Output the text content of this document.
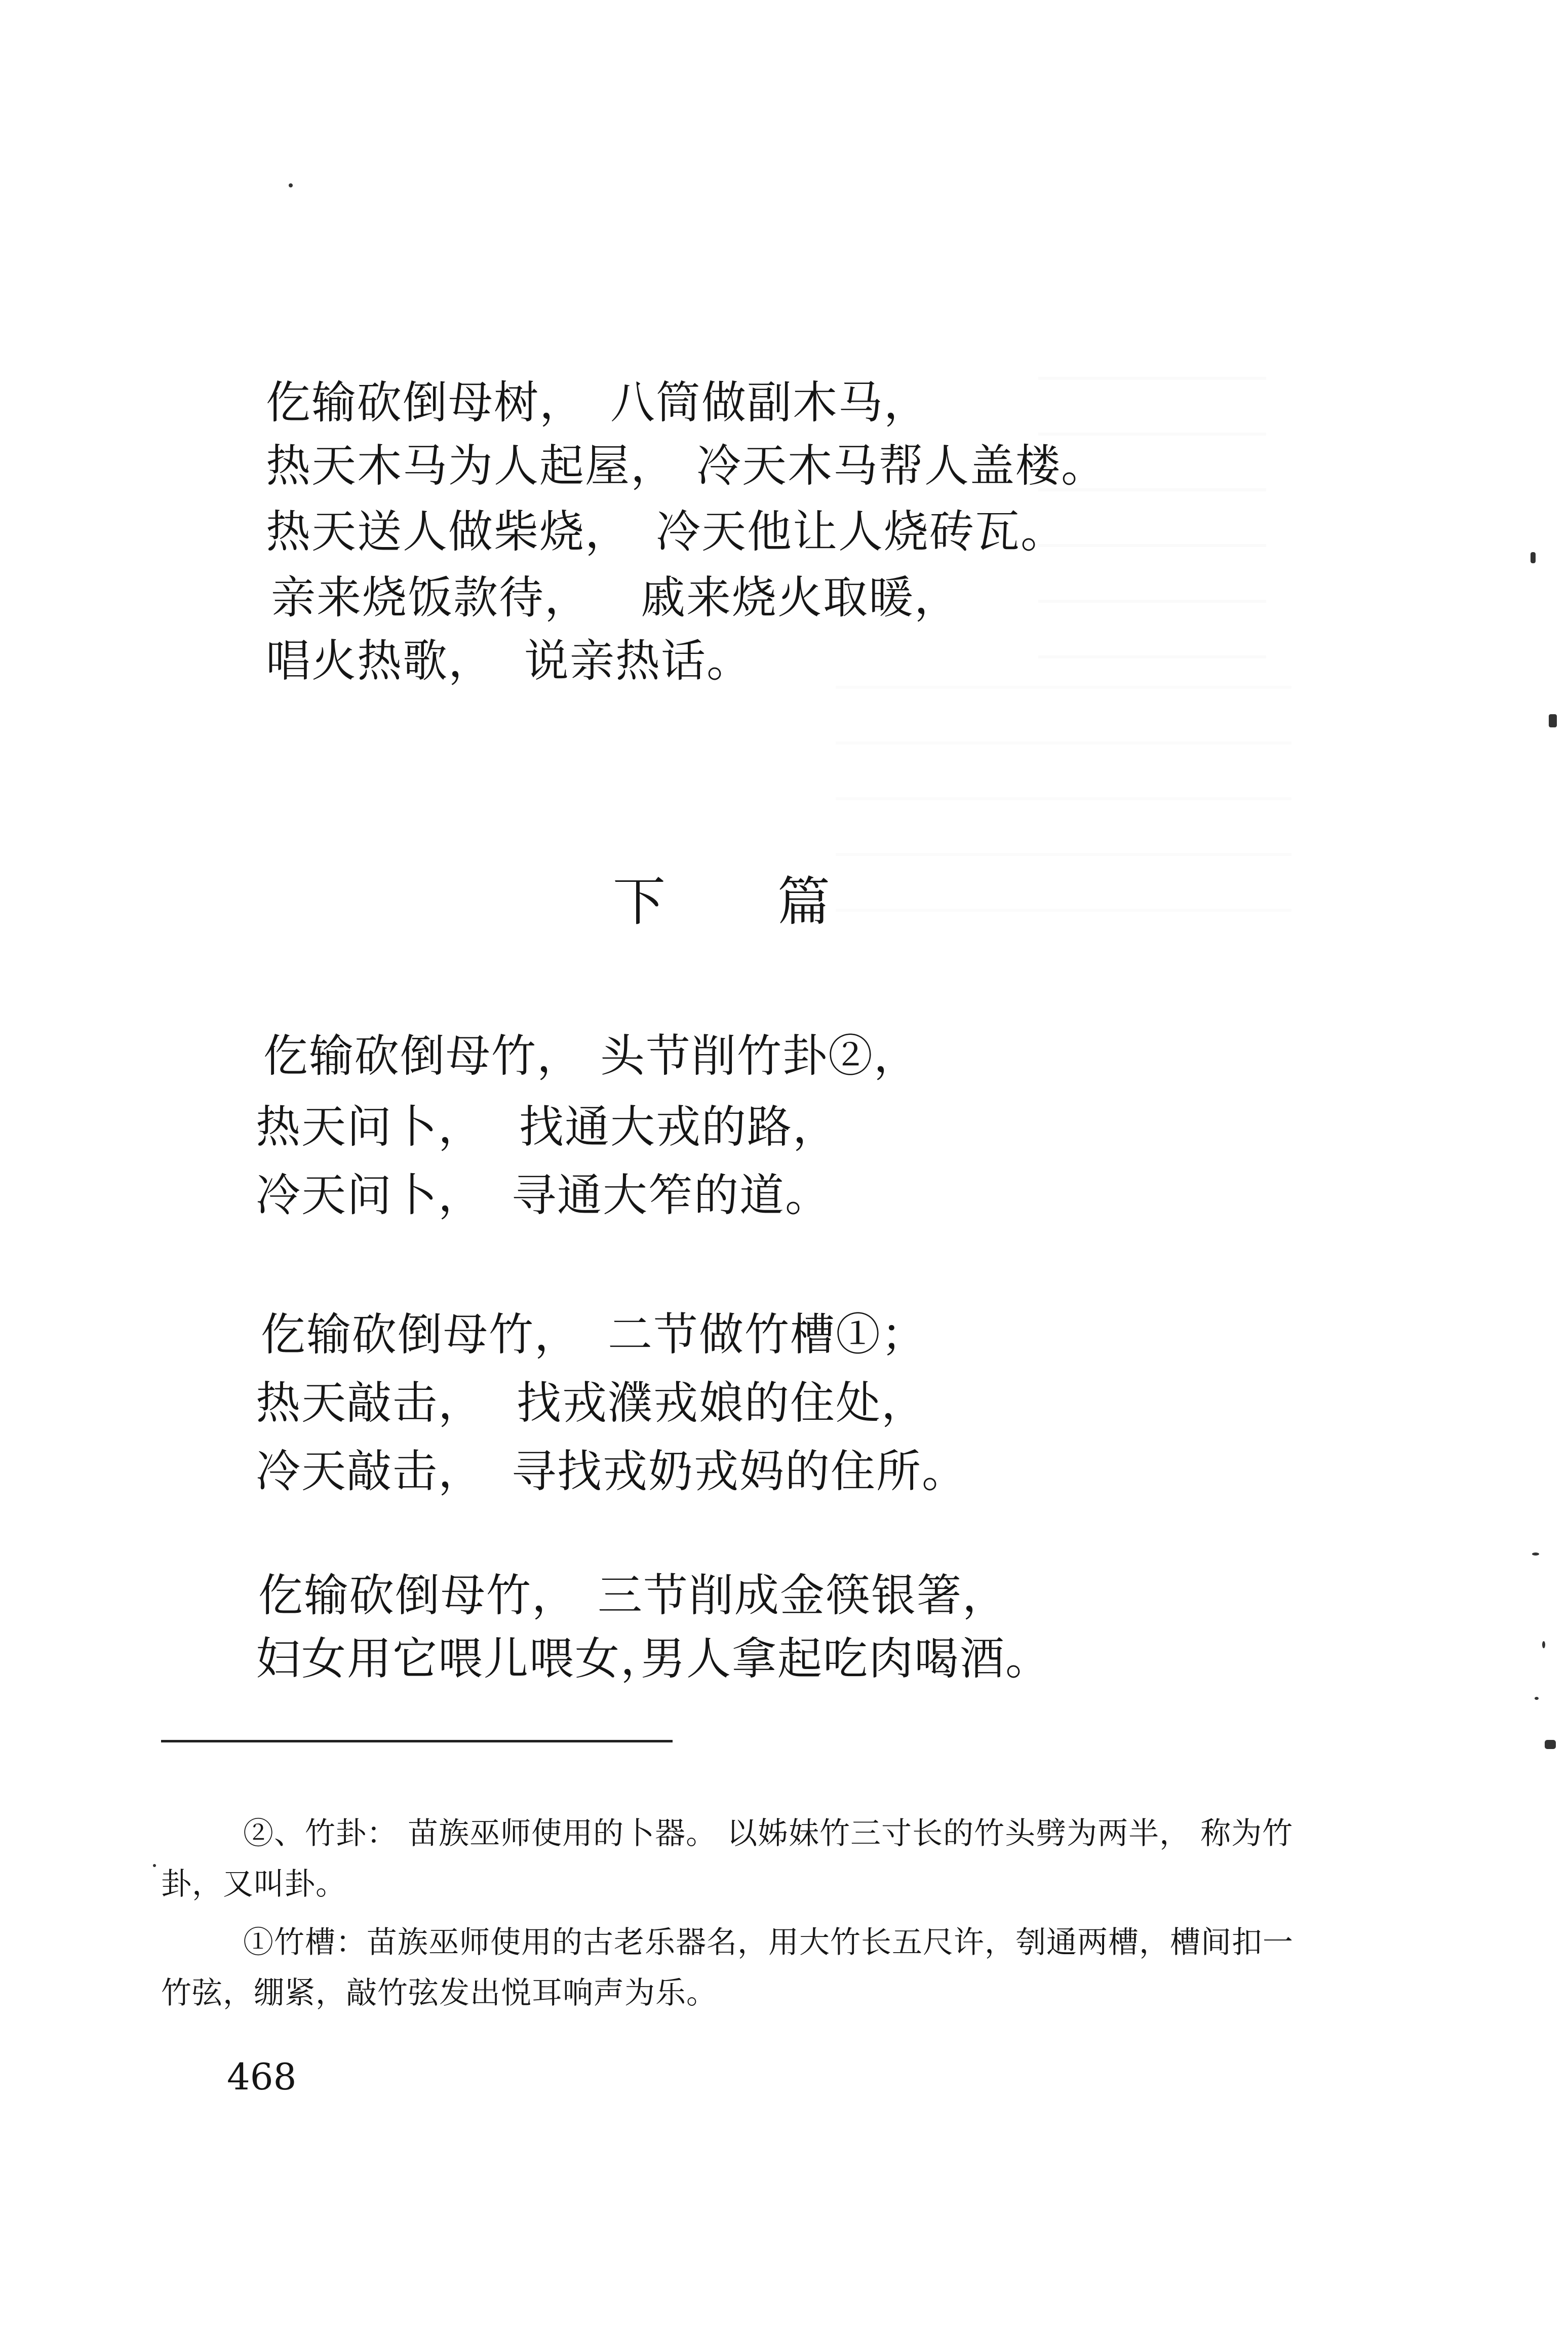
仡输砍倒母树， 八筒做副木马，
热天木马为人起屋， 冷天木马帮人盖楼。
热天送人做柴烧， 冷天他让人烧砖瓦。
亲来烧饭款待， 戚来烧火取暖，
唱火热歌， 说亲热话。
下 篇
仡输砍倒母竹， 头节削竹卦②，
热天问卜， 找通大戎的路，
冷天问卜， 寻通大笮的道。
仡输砍倒母竹， 二节做竹槽①；
热天敲击， 找戎濮戎娘的住处，
冷天敲击， 寻找戎奶戎妈的住所。
仡输砍倒母竹， 三节削成金筷银箸，
妇女用它喂儿喂女，
男人拿起吃肉喝酒。
②、竹卦： 苗族巫师使用的卜器。 以姊妹竹三寸长的竹头劈为两半， 称为竹
卦，又叫卦。
①竹槽：苗族巫师使用的古老乐器名，用大竹长五尺许，刳通两槽，槽间扣一
竹弦，绷紧，敲竹弦发出悦耳响声为乐。
468
